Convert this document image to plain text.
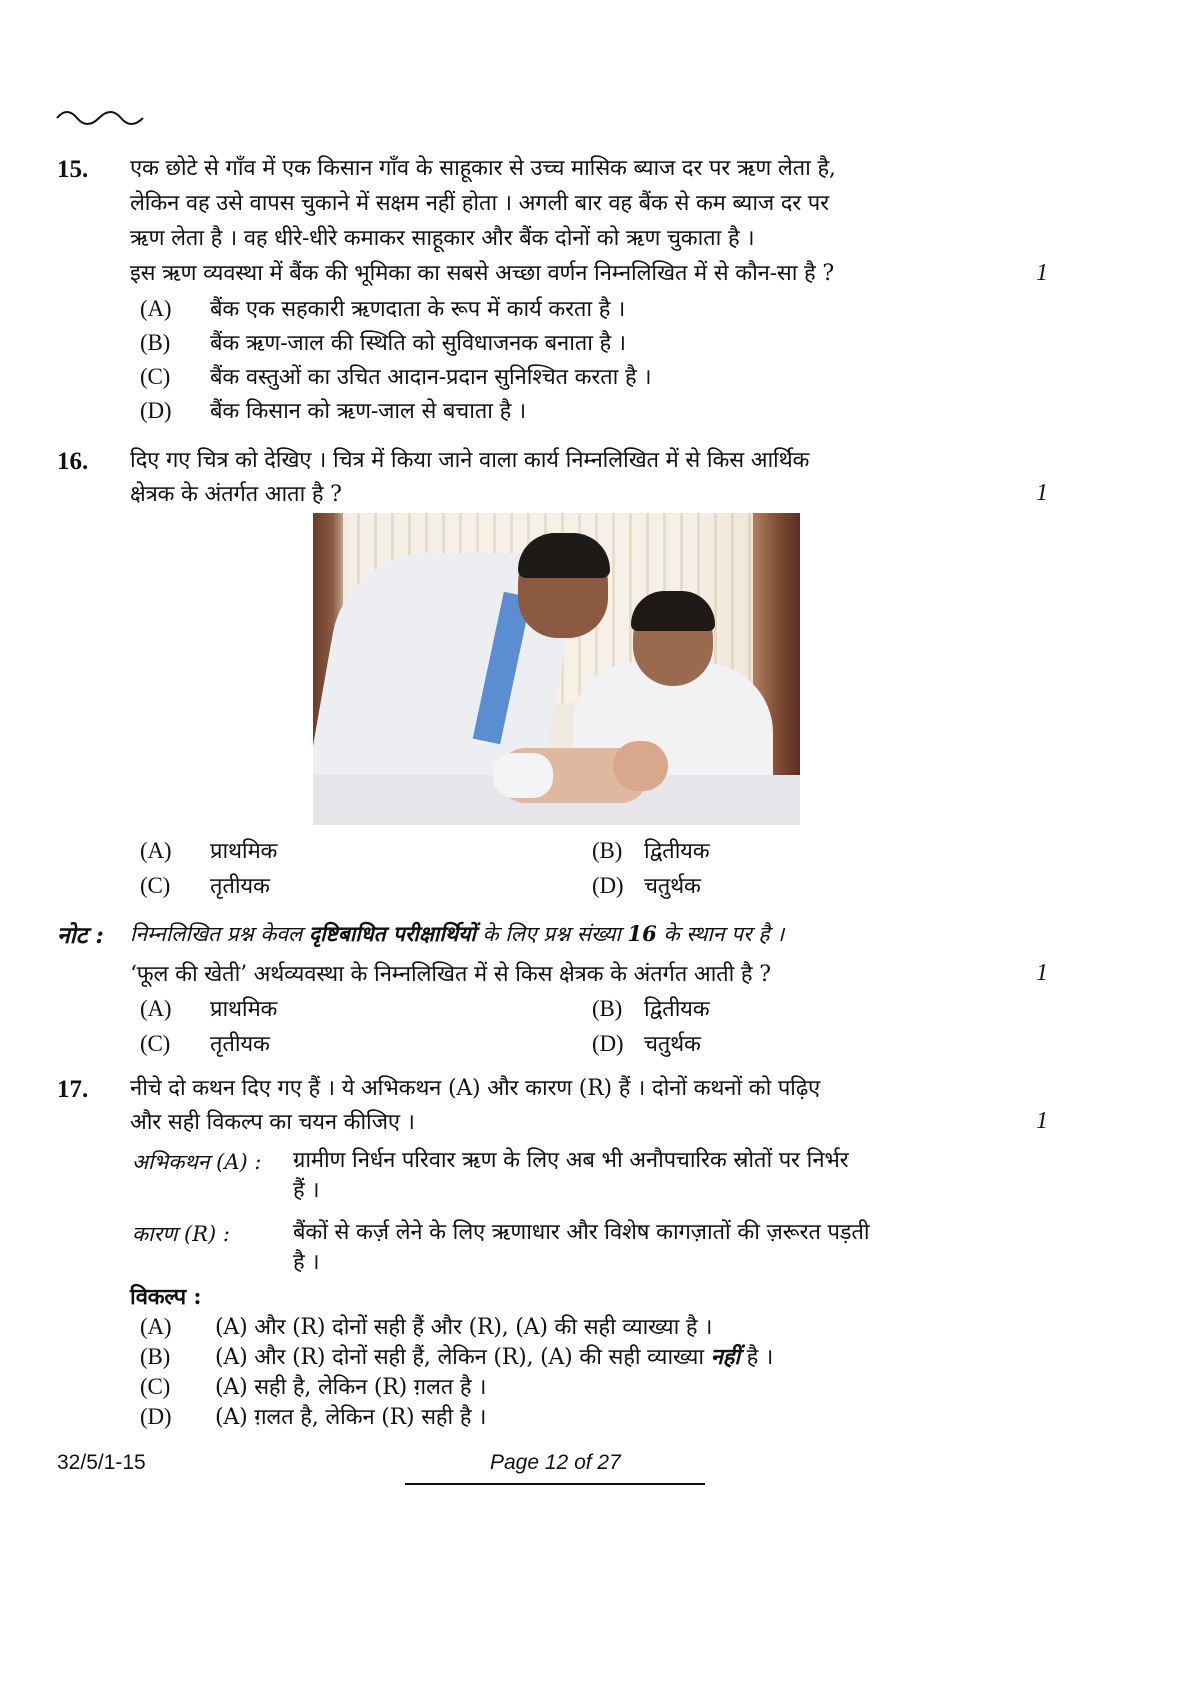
15. एक छोटे से गाँव में एक किसान गाँव के साहूकार से उच्च मासिक ब्याज दर पर ऋण लेता है,
लेकिन वह उसे वापस चुकाने में सक्षम नहीं होता । अगली बार वह बैंक से कम ब्याज दर पर
ऋण लेता है । वह धीरे-धीरे कमाकर साहूकार और बैंक दोनों को ऋण चुकाता है ।
इस ऋण व्यवस्था में बैंक की भूमिका का सबसे अच्छा वर्णन निम्नलिखित में से कौन-सा है ?	1
(A)	बैंक एक सहकारी ऋणदाता के रूप में कार्य करता है ।
(B)	बैंक ऋण-जाल की स्थिति को सुविधाजनक बनाता है ।
(C)	बैंक वस्तुओं का उचित आदान-प्रदान सुनिश्चित करता है ।
(D)	बैंक किसान को ऋण-जाल से बचाता है ।
16. दिए गए चित्र को देखिए । चित्र में किया जाने वाला कार्य निम्नलिखित में से किस आर्थिक
क्षेत्रक के अंतर्गत आता है ?	1
(A)	प्राथमिक	(B) द्वितीयक
(C)	तृतीयक	(D) चतुर्थक
नोट : निम्नलिखित प्रश्न केवल दृष्टिबाधित परीक्षार्थियों के लिए प्रश्न संख्या 16 के स्थान पर है ।
‘फूल की खेती’ अर्थव्यवस्था के निम्नलिखित में से किस क्षेत्रक के अंतर्गत आती है ?	1
(A)	प्राथमिक	(B) द्वितीयक
(C)	तृतीयक	(D) चतुर्थक
17. नीचे दो कथन दिए गए हैं । ये अभिकथन (A) और कारण (R) हैं । दोनों कथनों को पढ़िए
और सही विकल्प का चयन कीजिए ।	1
अभिकथन (A) : ग्रामीण निर्धन परिवार ऋण के लिए अब भी अनौपचारिक स्रोतों पर निर्भर
हैं ।
कारण (R) :	बैंकों से कर्ज़ लेने के लिए ऋणाधार और विशेष कागज़ातों की ज़रूरत पड़ती
है ।
विकल्प :
(A)	(A) और (R) दोनों सही हैं और (R), (A) की सही व्याख्या है ।
(B)	(A) और (R) दोनों सही हैं, लेकिन (R), (A) की सही व्याख्या नहीं है ।
(C)	(A) सही है, लेकिन (R) ग़लत है ।
(D)	(A) ग़लत है, लेकिन (R) सही है ।
32/5/1-15	Page 12 of 27
